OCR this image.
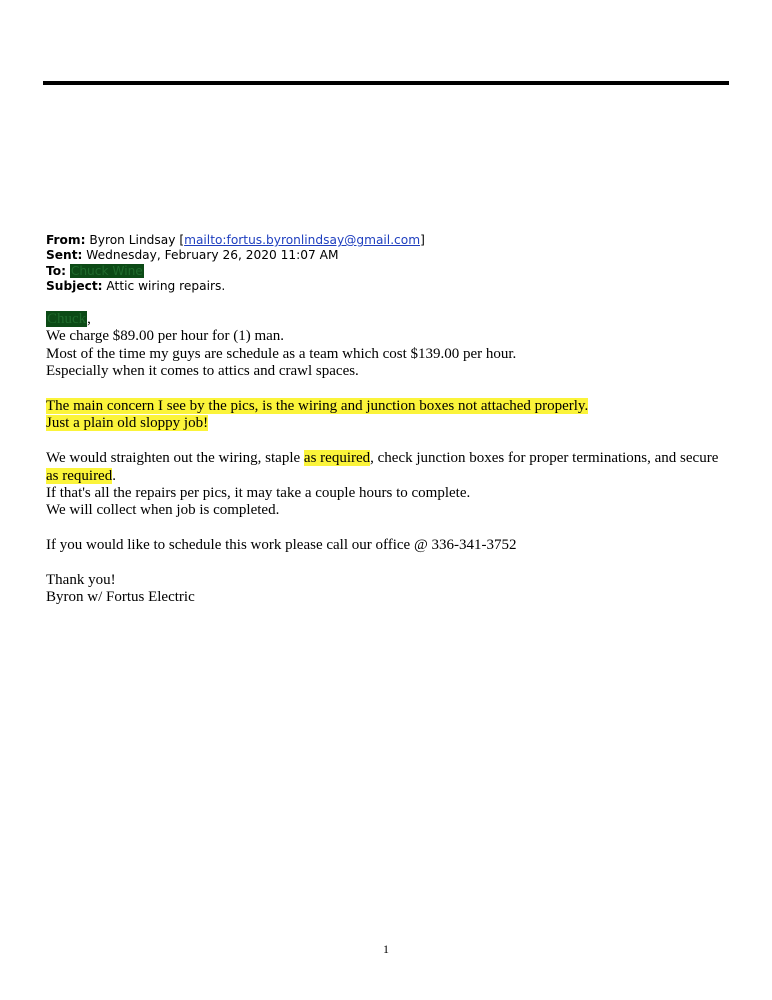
From: Byron Lindsay [mailto:fortus.byronlindsay@gmail.com]
Sent: Wednesday, February 26, 2020 11:07 AM
To: Chuck Wine
Subject: Attic wiring repairs.
Chuck,
We charge $89.00 per hour for (1) man.
Most of the time my guys are schedule as a team which cost $139.00 per hour.
Especially when it comes to attics and crawl spaces.
The main concern I see by the pics, is the wiring and junction boxes not attached properly.
Just a plain old sloppy job!
We would straighten out the wiring, staple as required, check junction boxes for proper terminations, and secure
as required.
If that's all the repairs per pics, it may take a couple hours to complete.
We will collect when job is completed.
If you would like to schedule this work please call our office @ 336-341-3752
Thank you!
Byron w/ Fortus Electric
1
